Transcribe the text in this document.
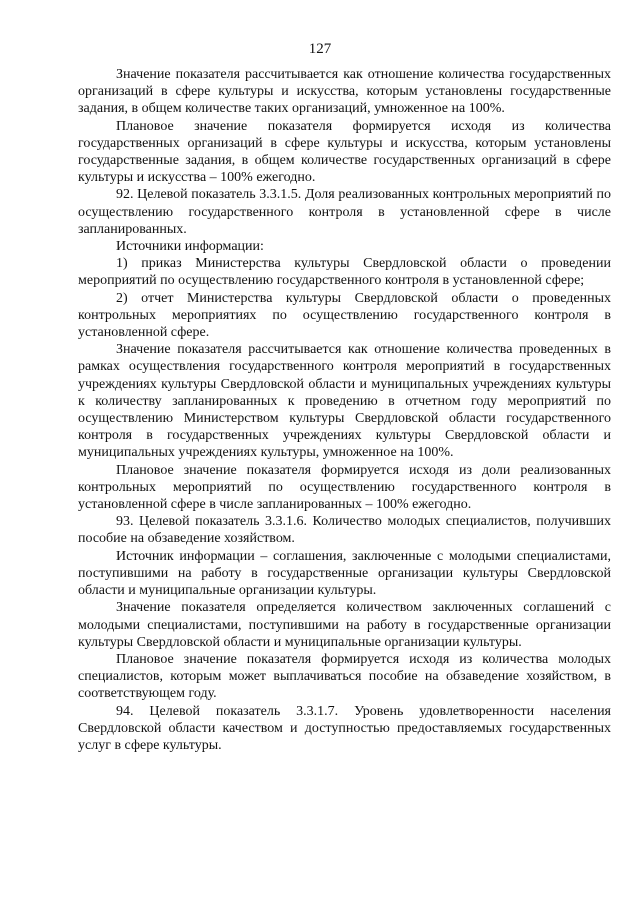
127

Значение показателя рассчитывается как отношение количества государственных организаций в сфере культуры и искусства, которым установлены государственные задания, в общем количестве таких организаций, умноженное на 100%.

Плановое значение показателя формируется исходя из количества государственных организаций в сфере культуры и искусства, которым установлены государственные задания, в общем количестве государственных организаций в сфере культуры и искусства – 100% ежегодно.

92. Целевой показатель 3.3.1.5. Доля реализованных контрольных мероприятий по осуществлению государственного контроля в установленной сфере в числе запланированных.

Источники информации:

1) приказ Министерства культуры Свердловской области о проведении мероприятий по осуществлению государственного контроля в установленной сфере;

2) отчет Министерства культуры Свердловской области о проведенных контрольных мероприятиях по осуществлению государственного контроля в установленной сфере.

Значение показателя рассчитывается как отношение количества проведенных в рамках осуществления государственного контроля мероприятий в государственных учреждениях культуры Свердловской области и муниципальных учреждениях культуры к количеству запланированных к проведению в отчетном году мероприятий по осуществлению Министерством культуры Свердловской области государственного контроля в государственных учреждениях культуры Свердловской области и муниципальных учреждениях культуры, умноженное на 100%.

Плановое значение показателя формируется исходя из доли реализованных контрольных мероприятий по осуществлению государственного контроля в установленной сфере в числе запланированных – 100% ежегодно.

93. Целевой показатель 3.3.1.6. Количество молодых специалистов, получивших пособие на обзаведение хозяйством.

Источник информации – соглашения, заключенные с молодыми специалистами, поступившими на работу в государственные организации культуры Свердловской области и муниципальные организации культуры.

Значение показателя определяется количеством заключенных соглашений с молодыми специалистами, поступившими на работу в государственные организации культуры Свердловской области и муниципальные организации культуры.

Плановое значение показателя формируется исходя из количества молодых специалистов, которым может выплачиваться пособие на обзаведение хозяйством, в соответствующем году.

94. Целевой показатель 3.3.1.7. Уровень удовлетворенности населения Свердловской области качеством и доступностью предоставляемых государственных услуг в сфере культуры.
